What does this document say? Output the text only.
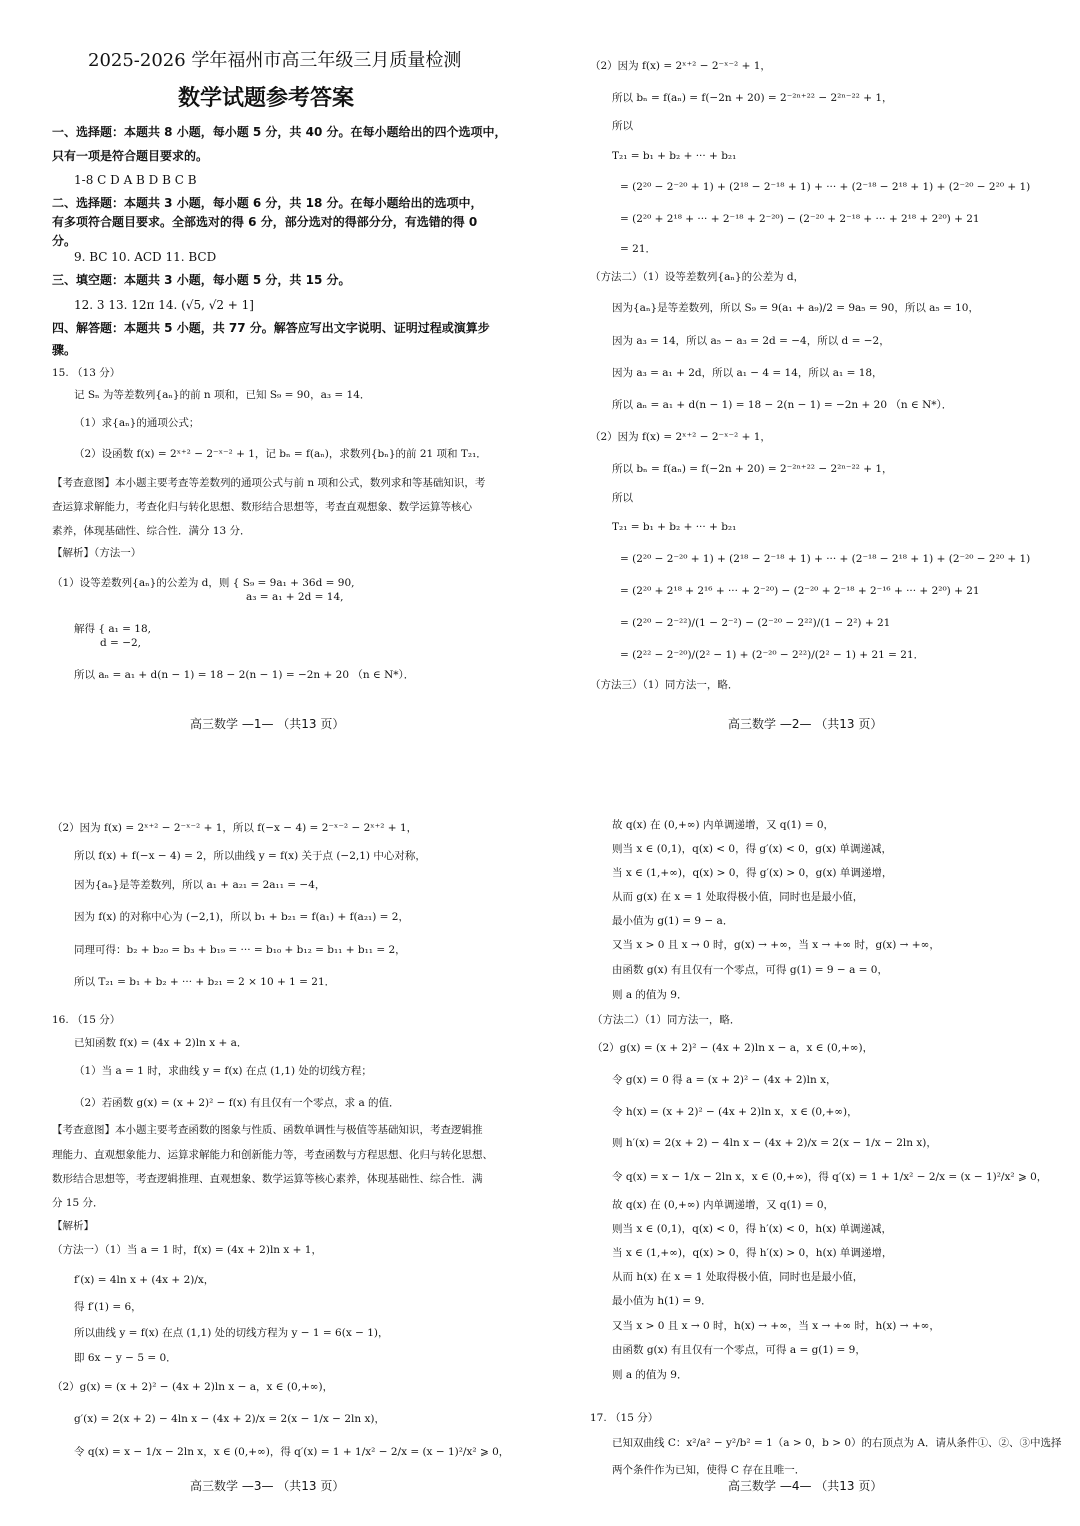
2025-2026 学年福州市高三年级三月质量检测
数学试题参考答案
一、选择题：本题共 8 小题，每小题 5 分，共 40 分。在每小题给出的四个选项中，
只有一项是符合题目要求的。
1-8 C D A B D B C B
二、选择题：本题共 3 小题，每小题 6 分，共 18 分。在每小题给出的选项中，
有多项符合题目要求。全部选对的得 6 分，部分选对的得部分分，有选错的得 0
分。
9. BC 10. ACD 11. BCD
三、填空题：本题共 3 小题，每小题 5 分，共 15 分。
12. 3 13. 12π 14. (√5, √2 + 1]
四、解答题：本题共 5 小题，共 77 分。解答应写出文字说明、证明过程或演算步
骤。
15. （13 分）
记 Sₙ 为等差数列{aₙ}的前 n 项和，已知 S₉ = 90，a₃ = 14．
（1）求{aₙ}的通项公式；
（2）设函数 f(x) = 2ˣ⁺² − 2⁻ˣ⁻² + 1，记 bₙ = f(aₙ)，求数列{bₙ}的前 21 项和 T₂₁．
【考查意图】本小题主要考查等差数列的通项公式与前 n 项和公式，数列求和等基础知识，考
查运算求解能力，考查化归与转化思想、数形结合思想等，考查直观想象、数学运算等核心
素养，体现基础性、综合性．满分 13 分．
【解析】（方法一）
（1）设等差数列{aₙ}的公差为 d，则 { S₉ = 9a₁ + 36d = 90,
a₃ = a₁ + 2d = 14,
解得 { a₁ = 18,
d = −2,
所以 aₙ = a₁ + d(n − 1) = 18 − 2(n − 1) = −2n + 20 （n ∈ N*）．
高三数学 —1— （共13 页）
（2）因为 f(x) = 2ˣ⁺² − 2⁻ˣ⁻² + 1，
所以 bₙ = f(aₙ) = f(−2n + 20) = 2⁻²ⁿ⁺²² − 2²ⁿ⁻²² + 1，
所以
T₂₁ = b₁ + b₂ + ··· + b₂₁
= (2²⁰ − 2⁻²⁰ + 1) + (2¹⁸ − 2⁻¹⁸ + 1) + ··· + (2⁻¹⁸ − 2¹⁸ + 1) + (2⁻²⁰ − 2²⁰ + 1)
= (2²⁰ + 2¹⁸ + ··· + 2⁻¹⁸ + 2⁻²⁰) − (2⁻²⁰ + 2⁻¹⁸ + ··· + 2¹⁸ + 2²⁰) + 21
= 21．
（方法二）（1）设等差数列{aₙ}的公差为 d，
因为{aₙ}是等差数列，所以 S₉ = 9(a₁ + a₉)/2 = 9a₅ = 90，所以 a₅ = 10，
因为 a₃ = 14，所以 a₅ − a₃ = 2d = −4，所以 d = −2，
因为 a₃ = a₁ + 2d，所以 a₁ − 4 = 14，所以 a₁ = 18，
所以 aₙ = a₁ + d(n − 1) = 18 − 2(n − 1) = −2n + 20 （n ∈ N*）．
（2）因为 f(x) = 2ˣ⁺² − 2⁻ˣ⁻² + 1，
所以 bₙ = f(aₙ) = f(−2n + 20) = 2⁻²ⁿ⁺²² − 2²ⁿ⁻²² + 1，
所以
T₂₁ = b₁ + b₂ + ··· + b₂₁
= (2²⁰ − 2⁻²⁰ + 1) + (2¹⁸ − 2⁻¹⁸ + 1) + ··· + (2⁻¹⁸ − 2¹⁸ + 1) + (2⁻²⁰ − 2²⁰ + 1)
= (2²⁰ + 2¹⁸ + 2¹⁶ + ··· + 2⁻²⁰) − (2⁻²⁰ + 2⁻¹⁸ + 2⁻¹⁶ + ··· + 2²⁰) + 21
= (2²⁰ − 2⁻²²)/(1 − 2⁻²) − (2⁻²⁰ − 2²²)/(1 − 2²) + 21
= (2²² − 2⁻²⁰)/(2² − 1) + (2⁻²⁰ − 2²²)/(2² − 1) + 21 = 21．
（方法三）（1）同方法一，略．
高三数学 —2— （共13 页）
（2）因为 f(x) = 2ˣ⁺² − 2⁻ˣ⁻² + 1，所以 f(−x − 4) = 2⁻ˣ⁻² − 2ˣ⁺² + 1，
所以 f(x) + f(−x − 4) = 2，所以曲线 y = f(x) 关于点 (−2,1) 中心对称，
因为{aₙ}是等差数列，所以 a₁ + a₂₁ = 2a₁₁ = −4，
因为 f(x) 的对称中心为 (−2,1)，所以 b₁ + b₂₁ = f(a₁) + f(a₂₁) = 2，
同理可得：b₂ + b₂₀ = b₃ + b₁₉ = ··· = b₁₀ + b₁₂ = b₁₁ + b₁₁ = 2，
所以 T₂₁ = b₁ + b₂ + ··· + b₂₁ = 2 × 10 + 1 = 21．
16. （15 分）
已知函数 f(x) = (4x + 2)ln x + a．
（1）当 a = 1 时，求曲线 y = f(x) 在点 (1,1) 处的切线方程；
（2）若函数 g(x) = (x + 2)² − f(x) 有且仅有一个零点，求 a 的值．
【考查意图】本小题主要考查函数的图象与性质、函数单调性与极值等基础知识，考查逻辑推
理能力、直观想象能力、运算求解能力和创新能力等，考查函数与方程思想、化归与转化思想、
数形结合思想等，考查逻辑推理、直观想象、数学运算等核心素养，体现基础性、综合性．满
分 15 分．
【解析】
（方法一）（1）当 a = 1 时，f(x) = (4x + 2)ln x + 1，
f′(x) = 4ln x + (4x + 2)/x，
得 f′(1) = 6，
所以曲线 y = f(x) 在点 (1,1) 处的切线方程为 y − 1 = 6(x − 1)，
即 6x − y − 5 = 0．
（2）g(x) = (x + 2)² − (4x + 2)ln x − a，x ∈ (0,+∞)，
g′(x) = 2(x + 2) − 4ln x − (4x + 2)/x = 2(x − 1/x − 2ln x)，
令 q(x) = x − 1/x − 2ln x，x ∈ (0,+∞)，得 q′(x) = 1 + 1/x² − 2/x = (x − 1)²/x² ⩾ 0，
高三数学 —3— （共13 页）
故 q(x) 在 (0,+∞) 内单调递增，又 q(1) = 0，
则当 x ∈ (0,1)，q(x) < 0，得 g′(x) < 0，g(x) 单调递减，
当 x ∈ (1,+∞)，q(x) > 0，得 g′(x) > 0，g(x) 单调递增，
从而 g(x) 在 x = 1 处取得极小值，同时也是最小值，
最小值为 g(1) = 9 − a．
又当 x > 0 且 x → 0 时，g(x) → +∞，当 x → +∞ 时，g(x) → +∞，
由函数 g(x) 有且仅有一个零点，可得 g(1) = 9 − a = 0，
则 a 的值为 9．
（方法二）（1）同方法一，略．
（2）g(x) = (x + 2)² − (4x + 2)ln x − a，x ∈ (0,+∞)，
令 g(x) = 0 得 a = (x + 2)² − (4x + 2)ln x，
令 h(x) = (x + 2)² − (4x + 2)ln x，x ∈ (0,+∞)，
则 h′(x) = 2(x + 2) − 4ln x − (4x + 2)/x = 2(x − 1/x − 2ln x)，
令 q(x) = x − 1/x − 2ln x，x ∈ (0,+∞)，得 q′(x) = 1 + 1/x² − 2/x = (x − 1)²/x² ⩾ 0，
故 q(x) 在 (0,+∞) 内单调递增，又 q(1) = 0，
则当 x ∈ (0,1)，q(x) < 0，得 h′(x) < 0，h(x) 单调递减，
当 x ∈ (1,+∞)，q(x) > 0，得 h′(x) > 0，h(x) 单调递增，
从而 h(x) 在 x = 1 处取得极小值，同时也是最小值，
最小值为 h(1) = 9．
又当 x > 0 且 x → 0 时，h(x) → +∞，当 x → +∞ 时，h(x) → +∞，
由函数 g(x) 有且仅有一个零点，可得 a = g(1) = 9，
则 a 的值为 9．
17. （15 分）
已知双曲线 C：x²/a² − y²/b² = 1（a > 0，b > 0）的右顶点为 A．请从条件①、②、③中选择
两个条件作为已知，使得 C 存在且唯一．
高三数学 —4— （共13 页）
